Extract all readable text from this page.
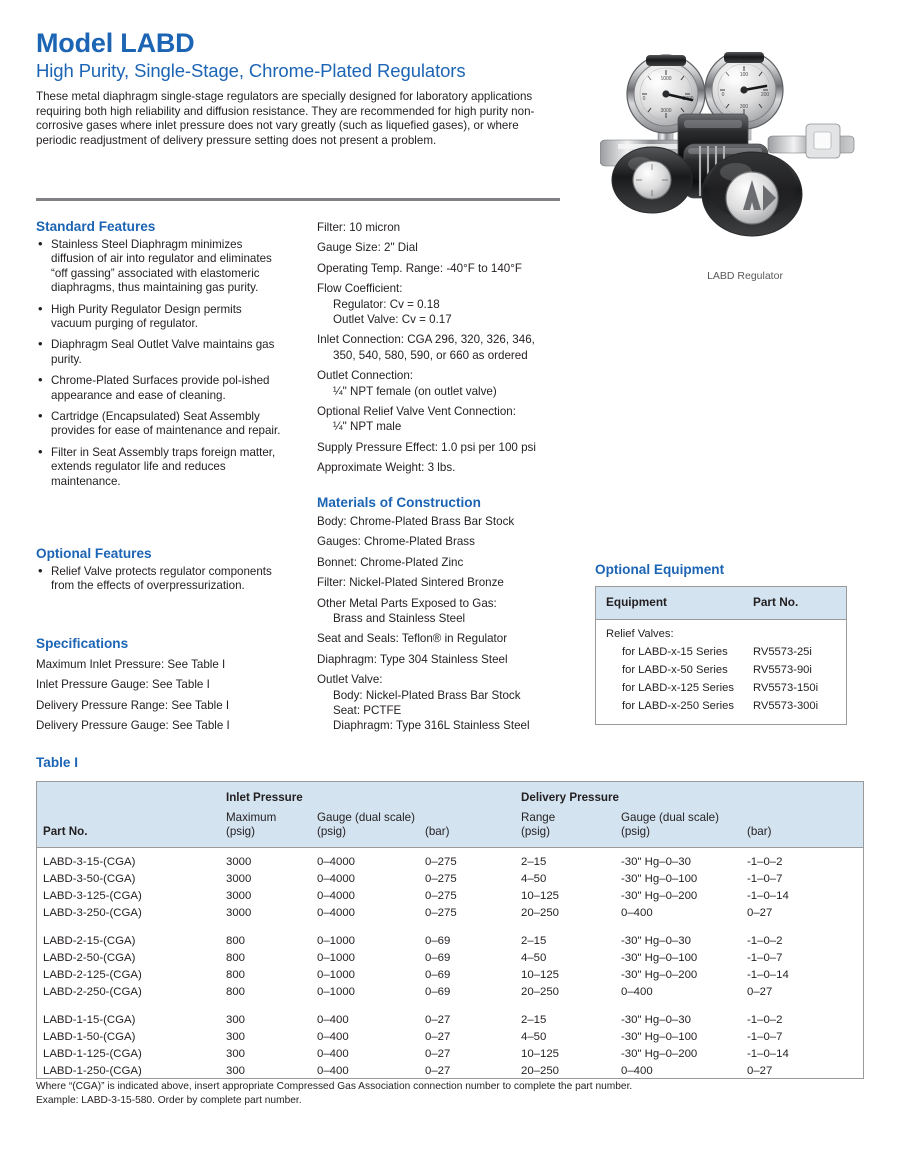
Model LABD
High Purity, Single-Stage, Chrome-Plated Regulators
These metal diaphragm single-stage regulators are specially designed for laboratory applications requiring both high reliability and diffusion resistance. They are recommended for high purity non-corrosive gases where inlet pressure does not vary greatly (such as liquefied gases), or where periodic readjustment of delivery pressure setting does not present a problem.
1000
0
3000
100
0	200
300
LABD Regulator
Standard Features
• Stainless Steel Diaphragm minimizes diffusion of air into regulator and eliminates “off gassing” associated with elastomeric diaphragms, thus maintaining gas purity.
• High Purity Regulator Design permits vacuum purging of regulator.
• Diaphragm Seal Outlet Valve maintains gas purity.
• Chrome-Plated Surfaces provide pol-ished appearance and ease of cleaning.
• Cartridge (Encapsulated) Seat Assembly provides for ease of maintenance and repair.
• Filter in Seat Assembly traps foreign matter, extends regulator life and reduces maintenance.
Optional Features
• Relief Valve protects regulator components from the effects of overpressurization.
Specifications
Maximum Inlet Pressure: See Table I
Inlet Pressure Gauge: See Table I
Delivery Pressure Range: See Table I
Delivery Pressure Gauge: See Table I
Filter: 10 micron
Gauge Size: 2" Dial
Operating Temp. Range: -40°F to 140°F
Flow Coefficient:
Regulator: Cv = 0.18
Outlet Valve: Cv = 0.17
Inlet Connection: CGA 296, 320, 326, 346,
350, 540, 580, 590, or 660 as ordered
Outlet Connection:
¼" NPT female (on outlet valve)
Optional Relief Valve Vent Connection:
¼" NPT male
Supply Pressure Effect: 1.0 psi per 100 psi
Approximate Weight: 3 lbs.
Materials of Construction
Body: Chrome-Plated Brass Bar Stock
Gauges: Chrome-Plated Brass
Bonnet: Chrome-Plated Zinc
Filter: Nickel-Plated Sintered Bronze
Other Metal Parts Exposed to Gas:
Brass and Stainless Steel
Seat and Seals: Teflon® in Regulator
Diaphragm: Type 304 Stainless Steel
Outlet Valve:
Body: Nickel-Plated Brass Bar Stock
Seat: PCTFE
Diaphragm: Type 316L Stainless Steel
Optional Equipment
Equipment	Part No.
Relief Valves:
for LABD-x-15 Series RV5573-25i
for LABD-x-50 Series RV5573-90i
for LABD-x-125 Series RV5573-150i
for LABD-x-250 Series RV5573-300i
Table I
Inlet Pressure	Delivery Pressure
Part No.
Maximum
(psig)
Gauge (dual scale)
(psig)	(bar)
Range
(psig)
Gauge (dual scale)
(psig)	(bar)
LABD-3-15-(CGA)	3000	0–4000	0–275	2–15	-30" Hg–0–30	-1–0–2
LABD-3-50-(CGA)	3000	0–4000	0–275	4–50	-30" Hg–0–100	-1–0–7
LABD-3-125-(CGA)	3000	0–4000	0–275	10–125	-30" Hg–0–200	-1–0–14
LABD-3-250-(CGA)	3000	0–4000	0–275	20–250	0–400	0–27
LABD-2-15-(CGA)	800	0–1000	0–69	2–15	-30" Hg–0–30	-1–0–2
LABD-2-50-(CGA)	800	0–1000	0–69	4–50	-30" Hg–0–100	-1–0–7
LABD-2-125-(CGA)	800	0–1000	0–69	10–125	-30" Hg–0–200	-1–0–14
LABD-2-250-(CGA)	800	0–1000	0–69	20–250	0–400	0–27
LABD-1-15-(CGA)	300	0–400	0–27	2–15	-30" Hg–0–30	-1–0–2
LABD-1-50-(CGA)	300	0–400	0–27	4–50	-30" Hg–0–100	-1–0–7
LABD-1-125-(CGA)	300	0–400	0–27	10–125	-30" Hg–0–200	-1–0–14
LABD-1-250-(CGA)	300	0–400	0–27	20–250	0–400	0–27
Where “(CGA)” is indicated above, insert appropriate Compressed Gas Association connection number to complete the part number.
Example: LABD-3-15-580. Order by complete part number.
